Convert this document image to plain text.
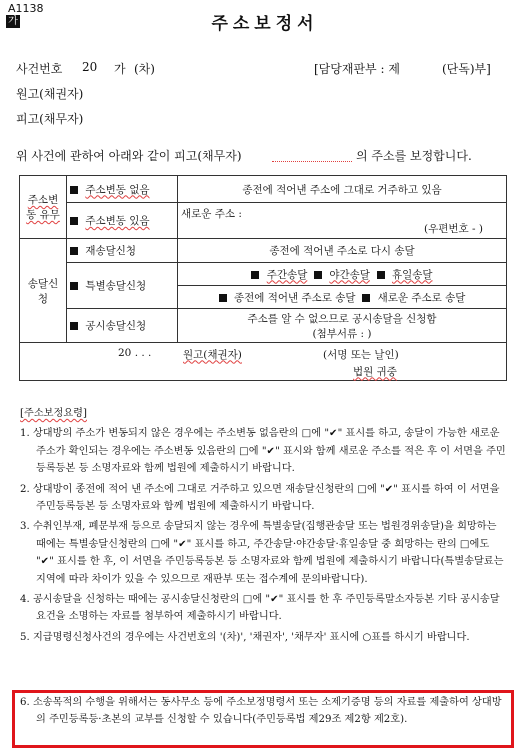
A1138
가	주소보정서
사건번호 20 가 (차)	[담당재판부 : 제	(단독)부]
원고(채권자)
피고(채무자)
위 사건에 관하여 아래와 같이 피고(채무자)	의 주소를 보정합니다.
주소변동 유무	주소변동 없음	종전에 적어낸 주소에 그대로 거주하고 있음
	주소변동 있음	새로운 주소 :
(우편번호 - )

송달신청	재송달신청	종전에 적어낸 주소로 다시 송달
	특별송달신청	주간송달 야간송달 휴일송달
		종전에 적어낸 주소로 송달 새로운 주소로 송달
	공시송달신청	주소를 알 수 없으므로 공시송달을 신청함
(첨부서류 : )

20 . . . 원고(채권자) (서명 또는 날인)
법원 귀중		
[주소보정요령]

1. 상대방의 주소가 변동되지 않은 경우에는 주소변동 없음란의 □에 "✔" 표시를 하고, 송달이 가능한 새로운 주소가 확인되는 경우에는 주소변동 있음란의 □에 "✔" 표시와 함께 새로운 주소를 적은 후 이 서면을 주민등록등본 등 소명자료와 함께 법원에 제출하시기 바랍니다.

2. 상대방이 종전에 적어 낸 주소에 그대로 거주하고 있으면 재송달신청란의 □에 "✔" 표시를 하여 이 서면을 주민등록등본 등 소명자료와 함께 법원에 제출하시기 바랍니다.

3. 수취인부재, 폐문부재 등으로 송달되지 않는 경우에 특별송달(집행관송달 또는 법원경위송달)을 희망하는 때에는 특별송달신청란의 □에 "✔" 표시를 하고, 주간송달·야간송달·휴일송달 중 희망하는 란의 □에도 "✔" 표시를 한 후, 이 서면을 주민등록등본 등 소명자료와 함께 법원에 제출하시기 바랍니다(특별송달료는 지역에 따라 차이가 있을 수 있으므로 재판부 또는 접수계에 문의바랍니다).

4. 공시송달을 신청하는 때에는 공시송달신청란의 □에 "✔" 표시를 한 후 주민등록말소자등본 기타 공시송달요건을 소명하는 자료를 첨부하여 제출하시기 바랍니다.

5. 지급명령신청사건의 경우에는 사건번호의 '(차)', '채권자', '채무자' 표시에 ○표를 하시기 바랍니다.

6. 소송목적의 수행을 위해서는 동사무소 등에 주소보정명령서 또는 소제기증명 등의 자료를 제출하여 상대방의 주민등록등·초본의 교부를 신청할 수 있습니다(주민등록법 제29조 제2항 제2호).
